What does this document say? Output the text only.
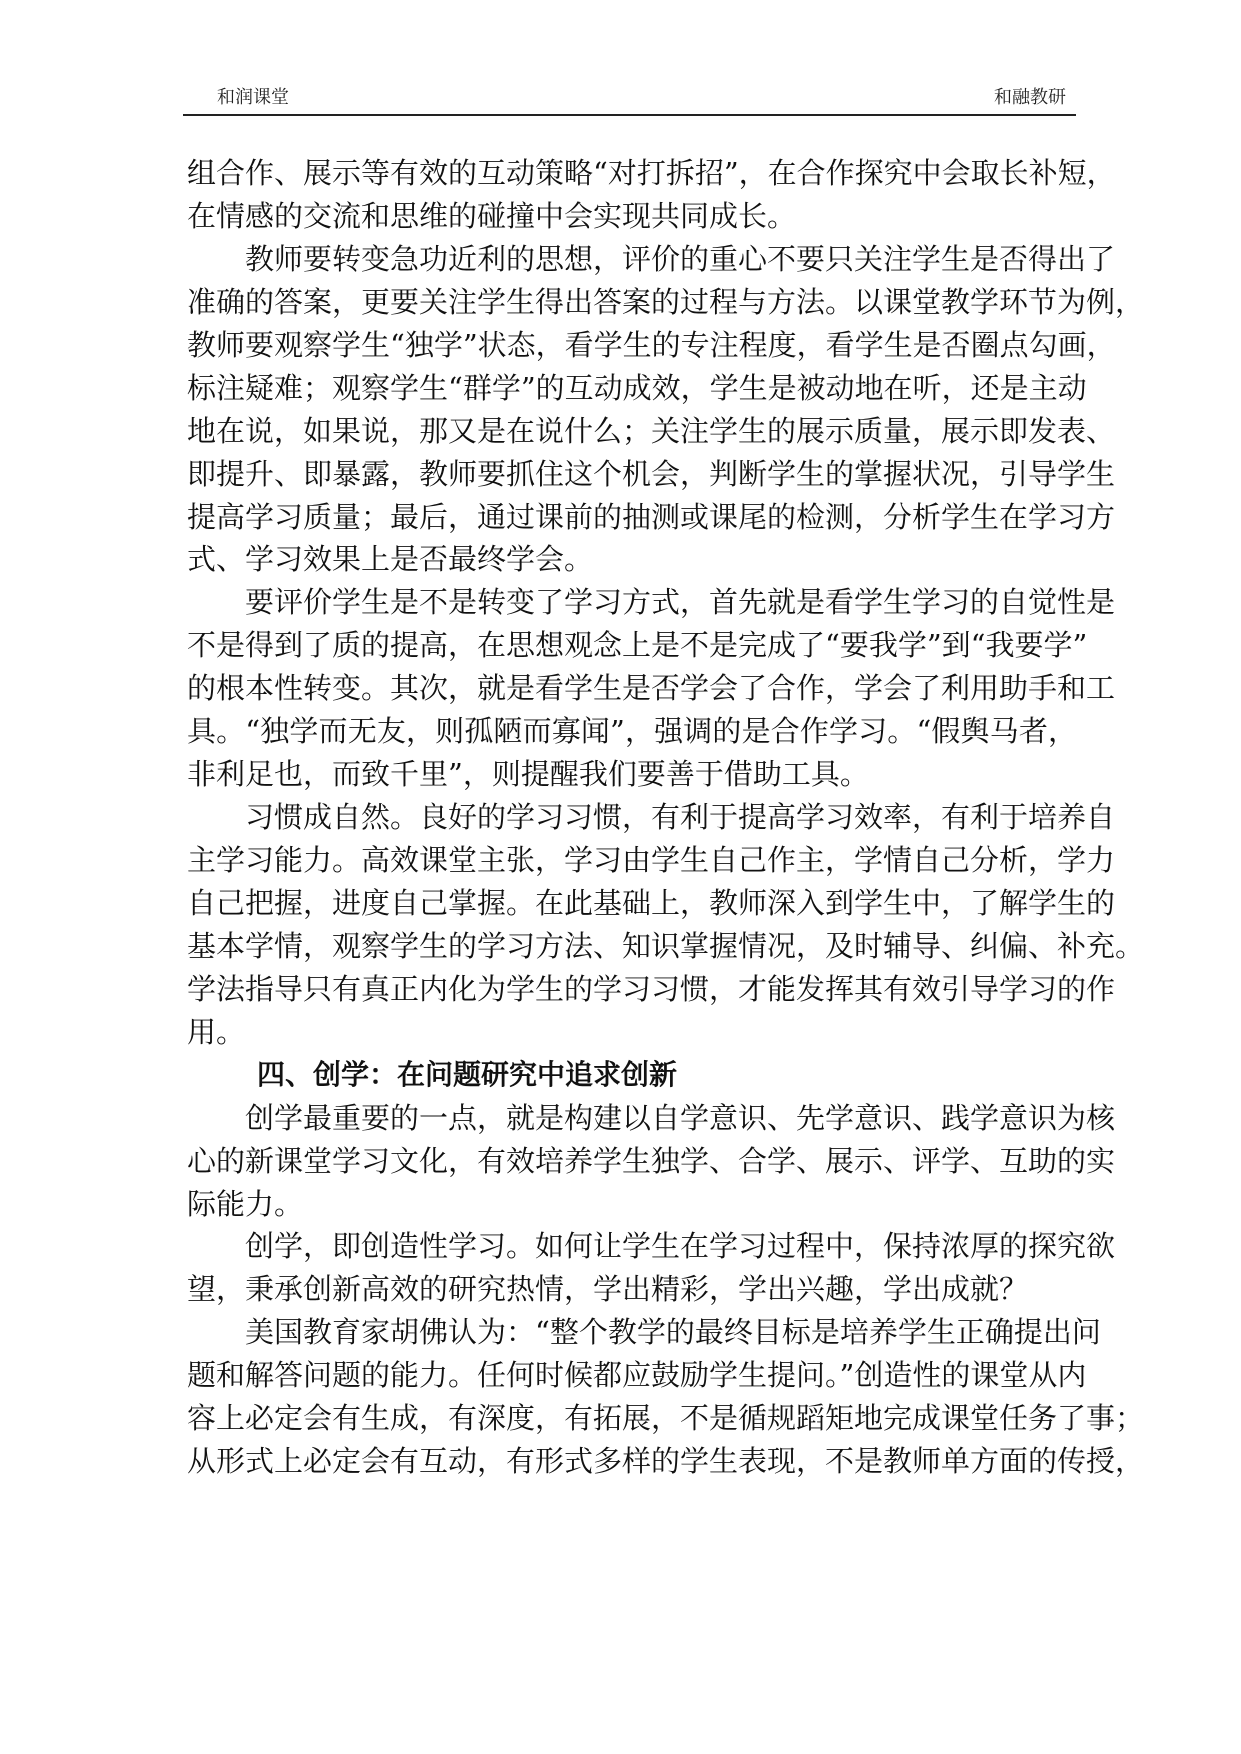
和润课堂	和融教研
组合作、展示等有效的互动策略“对打拆招”，在合作探究中会取长补短，
在情感的交流和思维的碰撞中会实现共同成长。
教师要转变急功近利的思想，评价的重心不要只关注学生是否得出了
准确的答案，更要关注学生得出答案的过程与方法。以课堂教学环节为例，
教师要观察学生“独学”状态，看学生的专注程度，看学生是否圈点勾画，
标注疑难；观察学生“群学”的互动成效，学生是被动地在听，还是主动
地在说，如果说，那又是在说什么；关注学生的展示质量，展示即发表、
即提升、即暴露，教师要抓住这个机会，判断学生的掌握状况，引导学生
提高学习质量；最后，通过课前的抽测或课尾的检测，分析学生在学习方
式、学习效果上是否最终学会。
要评价学生是不是转变了学习方式，首先就是看学生学习的自觉性是
不是得到了质的提高，在思想观念上是不是完成了“要我学”到“我要学”
的根本性转变。其次，就是看学生是否学会了合作，学会了利用助手和工
具。“独学而无友，则孤陋而寡闻”，强调的是合作学习。“假舆马者，
非利足也，而致千里”，则提醒我们要善于借助工具。
习惯成自然。良好的学习习惯，有利于提高学习效率，有利于培养自
主学习能力。高效课堂主张，学习由学生自己作主，学情自己分析，学力
自己把握，进度自己掌握。在此基础上，教师深入到学生中，了解学生的
基本学情，观察学生的学习方法、知识掌握情况，及时辅导、纠偏、补充。
学法指导只有真正内化为学生的学习习惯，才能发挥其有效引导学习的作
用。
四、创学：在问题研究中追求创新
创学最重要的一点，就是构建以自学意识、先学意识、践学意识为核
心的新课堂学习文化，有效培养学生独学、合学、展示、评学、互助的实
际能力。
创学，即创造性学习。如何让学生在学习过程中，保持浓厚的探究欲
望，秉承创新高效的研究热情，学出精彩，学出兴趣，学出成就？
美国教育家胡佛认为：“整个教学的最终目标是培养学生正确提出问
题和解答问题的能力。任何时候都应鼓励学生提问。”创造性的课堂从内
容上必定会有生成，有深度，有拓展，不是循规蹈矩地完成课堂任务了事；
从形式上必定会有互动，有形式多样的学生表现，不是教师单方面的传授，
